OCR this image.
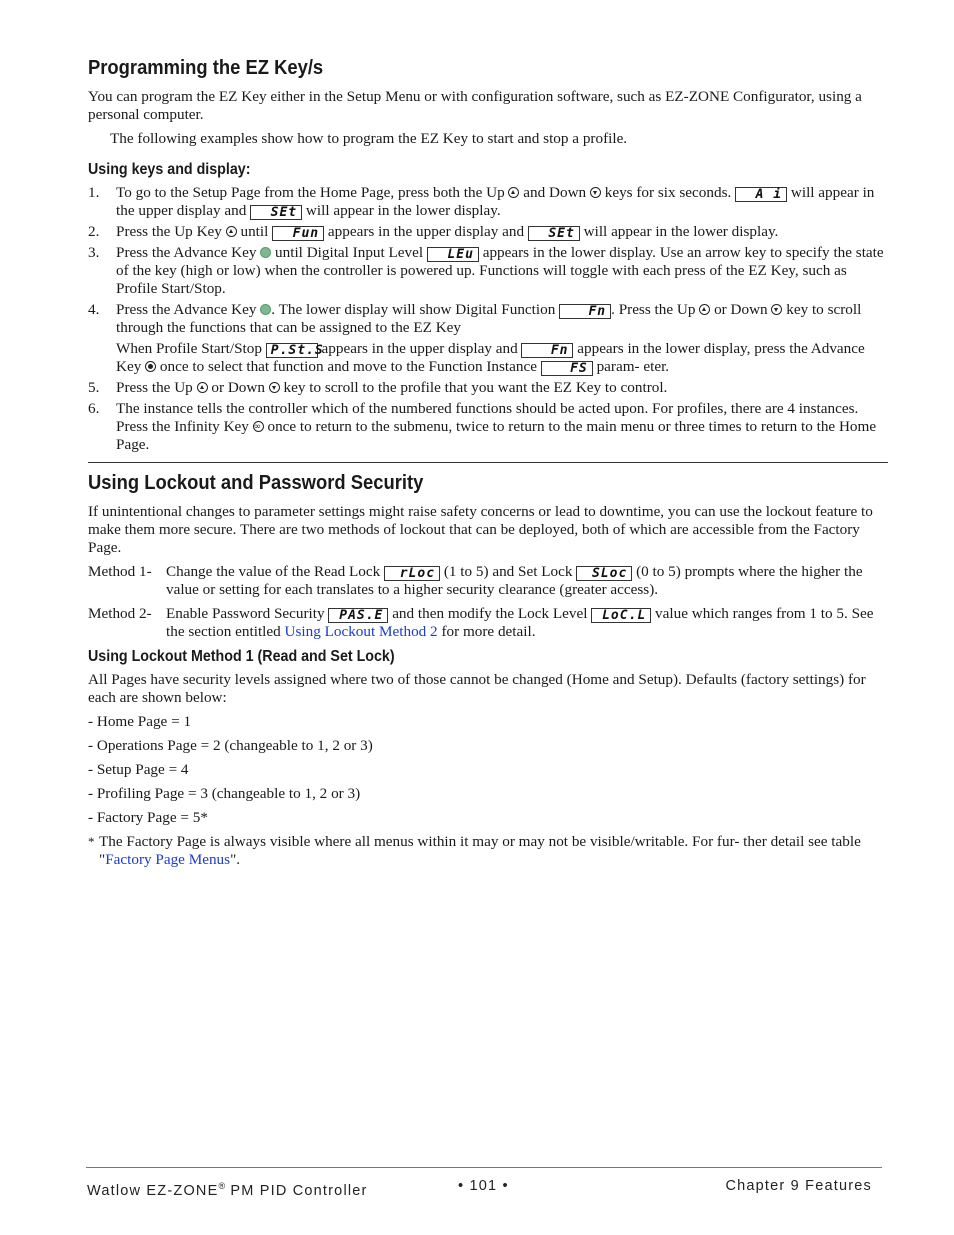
Programming the EZ Key/s

You can program the EZ Key either in the Setup Menu or with configuration software, such as EZ-ZONE Configurator, using a personal computer.

The following examples show how to program the EZ Key to start and stop a profile.

Using keys and display:
1. To go to the Setup Page from the Home Page, press both the Up and Down keys for six seconds. A i will appear in the upper display and SEt will appear in the lower display.
2. Press the Up Key until Fun appears in the upper display and SEt will appear in the lower display.
3. Press the Advance Key until Digital Input Level LEu appears in the lower display. Use an arrow key to specify the state of the key (high or low) when the controller is powered up. Functions will toggle with each press of the EZ Key, such as Profile Start/Stop.
4. Press the Advance Key . The lower display will show Digital Function	Fn . Press the Up or Down key to scroll through the functions that can be assigned to the EZ Key
When Profile Start/Stop P.St.S appears in the upper display and	Fn appears in the lower display, press the Advance Key once to select that function and move to the Function Instance	FS param- eter.
5. Press the Up or Down key to scroll to the profile that you want the EZ Key to control.
6. The instance tells the controller which of the numbered functions should be acted upon. For profiles, there are 4 instances. Press the Infinity Key ∞ once to return to the submenu, twice to return to the main menu or three times to return to the Home Page.
Using Lockout and Password Security

If unintentional changes to parameter settings might raise safety concerns or lead to downtime, you can use the lockout feature to make them more secure. There are two methods of lockout that can be deployed, both of which are accessible from the Factory Page.

Method 1- Change the value of the Read Lock rLoc (1 to 5) and Set Lock SLoc (0 to 5) prompts where the higher the value or setting for each translates to a higher security clearance (greater access).
Method 2- Enable Password Security PAS.E and then modify the Lock Level LoC.L value which ranges from 1 to 5. See the section entitled Using Lockout Method 2 for more detail.
Using Lockout Method 1 (Read and Set Lock)

All Pages have security levels assigned where two of those cannot be changed (Home and Setup). Defaults (factory settings) for each are shown below:

- Home Page = 1

- Operations Page = 2 (changeable to 1, 2 or 3)

- Setup Page = 4

- Profiling Page = 3 (changeable to 1, 2 or 3)

- Factory Page = 5*

* The Factory Page is always visible where all menus within it may or may not be visible/writable. For fur- ther detail see table "Factory Page Menus".
Watlow EZ-ZONE® PM PID Controller	• 101 •	Chapter 9 Features
